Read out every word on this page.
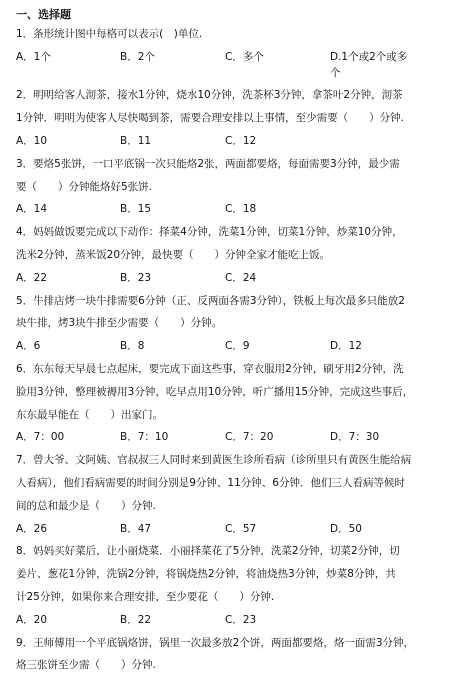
一、选择题
1．条形统计图中每格可以表示(　)单位.
A．1个	B．2个	C．多个	D.1个或2个或多
个
2．明明给客人沏茶，接水1分钟，烧水10分钟，洗茶杯3分钟，拿茶叶2分钟，沏茶
1分钟．明明为使客人尽快喝到茶，需要合理安排以上事情，至少需要（　　）分钟.
A．10	B．11	C．12
3．要烙5张饼，一口平底锅一次只能烙2张，两面都要烙，每面需要3分钟，最少需
要（　　）分钟能烙好5张饼.
A．14	B．15	C．18
4．妈妈做饭要完成以下动作：择菜4分钟，洗菜1分钟，切菜1分钟，炒菜10分钟，
洗米2分钟，蒸米饭20分钟，最快要（　　）分钟全家才能吃上饭。
A．22	B．23	C．24
5．牛排店烤一块牛排需要6分钟（正、反两面各需3分钟），铁板上每次最多只能放2
块牛排，烤3块牛排至少需要（　　）分钟。
A．6	B．8	C．9	D．12
6．东东每天早晨七点起床，要完成下面这些事，穿衣服用2分钟，刷牙用2分钟，洗
脸用3分钟，整理被褥用3分钟，吃早点用10分钟，听广播用15分钟，完成这些事后，
东东最早能在（　　）出家门。
A．7：00	B．7：10	C．7：20	D．7：30
7．曾大爷、文阿姨、官叔叔三人同时来到黄医生诊所看病（诊所里只有黄医生能给病
人看病），他们看病需要的时间分别是9分钟、11分钟、6分钟．他们三人看病等候时
间的总和最少是（　　）分钟.
A．26	B．47	C．57	D．50
8．妈妈买好菜后，让小丽烧菜．小丽择菜花了5分钟，洗菜2分钟，切菜2分钟，切
姜片、葱花1分钟，洗锅2分钟，将锅烧热2分钟，将油烧热3分钟，炒菜8分钟，共
计25分钟，如果你来合理安排，至少要花（　　）分钟.
A．20	B．22	C．23
9．王师傅用一个平底锅烙饼，锅里一次最多放2个饼，两面都要烙，烙一面需3分钟，
烙三张饼至少需（　　）分钟.
